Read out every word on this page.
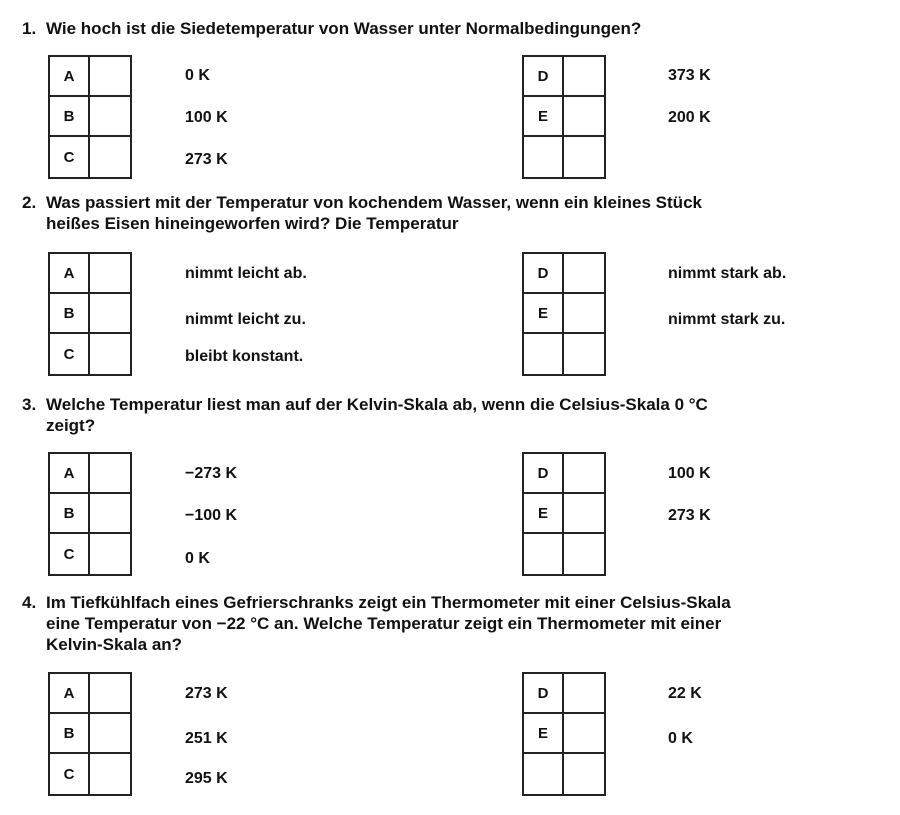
1. Wie hoch ist die Siedetemperatur von Wasser unter Normalbedingungen?
A
B
C
0 K
100 K
273 K
D
E
373 K
200 K
2. Was passiert mit der Temperatur von kochendem Wasser, wenn ein kleines Stück
heißes Eisen hineingeworfen wird? Die Temperatur
A
B
C
nimmt leicht ab.
nimmt leicht zu.
bleibt konstant.
D
E
nimmt stark ab.
nimmt stark zu.
3. Welche Temperatur liest man auf der Kelvin-Skala ab, wenn die Celsius-Skala 0 °C
zeigt?
A
B
C
−273 K
−100 K
0 K
D
E
100 K
273 K
4. Im Tiefkühlfach eines Gefrierschranks zeigt ein Thermometer mit einer Celsius-Skala
eine Temperatur von −22 °C an. Welche Temperatur zeigt ein Thermometer mit einer
Kelvin-Skala an?
A
B
C
273 K
251 K
295 K
D
E
22 K
0 K
